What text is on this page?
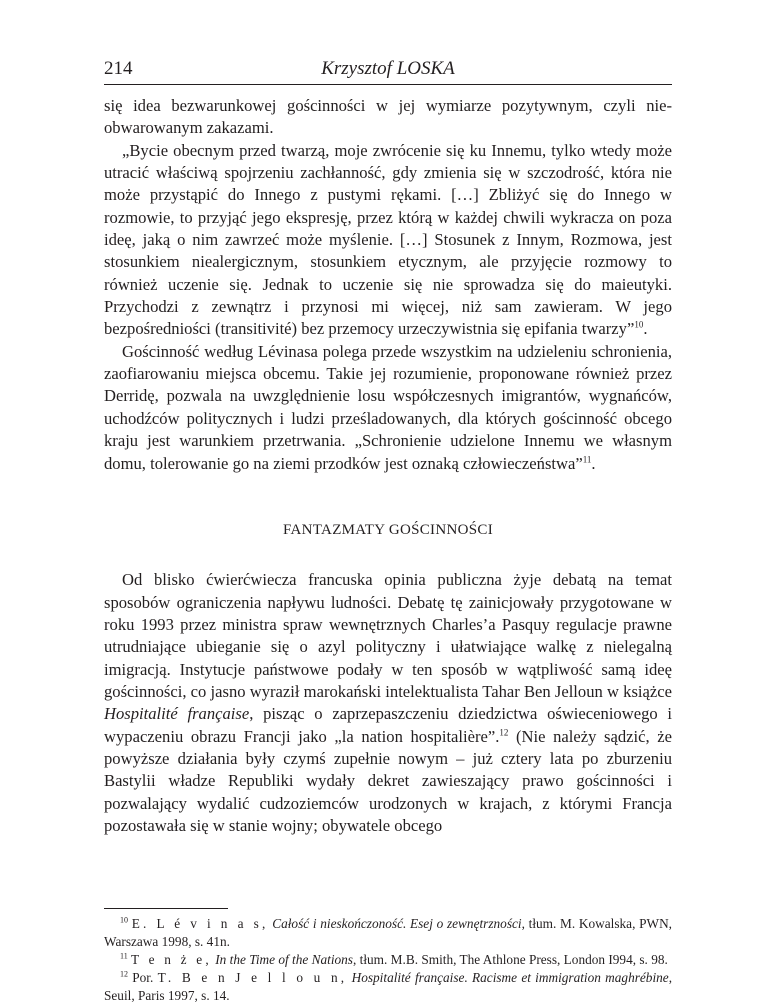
214	Krzysztof LOSKA

się idea bezwarunkowej gościnności w jej wymiarze pozytywnym, czyli nieobwarowanym zakazami.

„Bycie obecnym przed twarzą, moje zwrócenie się ku Innemu, tylko wtedy może utracić właściwą spojrzeniu zachłanność, gdy zmienia się w szczodrość, która nie może przystąpić do Innego z pustymi rękami. […] Zbliżyć się do Innego w rozmowie, to przyjąć jego ekspresję, przez którą w każdej chwili wykracza on poza ideę, jaką o nim zawrzeć może myślenie. […] Stosunek z Innym, Rozmowa, jest stosunkiem niealergicznym, stosunkiem etycznym, ale przyjęcie rozmowy to również uczenie się. Jednak to uczenie się nie sprowadza się do maieutyki. Przychodzi z zewnątrz i przynosi mi więcej, niż sam zawieram. W jego bezpośredniości (transitivité) bez przemocy urzeczywistnia się epifania twarzy”$^{10}$.

Gościnność według Lévinasa polega przede wszystkim na udzieleniu schronienia, zaofiarowaniu miejsca obcemu. Takie jej rozumienie, proponowane również przez Derridę, pozwala na uwzględnienie losu współczesnych imigrantów, wygnańców, uchodźców politycznych i ludzi prześladowanych, dla których gościnność obcego kraju jest warunkiem przetrwania. „Schronienie udzielone Innemu we własnym domu, tolerowanie go na ziemi przodków jest oznaką człowieczeństwa”$^{11}$.

FANTAZMATY GOŚCINNOŚCI

Od blisko ćwierćwiecza francuska opinia publiczna żyje debatą na temat sposobów ograniczenia napływu ludności. Debatę tę zainicjowały przygotowane w roku 1993 przez ministra spraw wewnętrznych Charles’a Pasquy regulacje prawne utrudniające ubieganie się o azyl polityczny i ułatwiające walkę z nielegalną imigracją. Instytucje państwowe podały w ten sposób w wątpliwość samą ideę gościnności, co jasno wyraził marokański intelektualista Tahar Ben Jelloun w książce Hospitalité française, pisząc o zaprzepaszczeniu dziedzictwa oświeceniowego i wypaczeniu obrazu Francji jako „la nation hospitalière”.$^{12}$ (Nie należy sądzić, że powyższe działania były czymś zupełnie nowym – już cztery lata po zburzeniu Bastylii władze Republiki wydały dekret zawieszający prawo gościnności i pozwalający wydalić cudzoziemców urodzonych w krajach, z którymi Francja pozostawała się w stanie wojny; obywatele obcego

$^{10}$ E. L é v i n a s, Całość i nieskończoność. Esej o zewnętrzności, tłum. M. Kowalska, PWN, Warszawa 1998, s. 41n.

$^{11}$ T e n ż e, In the Time of the Nations, tłum. M.B. Smith, The Athlone Press, London I994, s. 98.

$^{12}$ Por. T. B e n J e l l o u n, Hospitalité française. Racisme et immigration maghrébine, Seuil, Paris 1997, s. 14.
